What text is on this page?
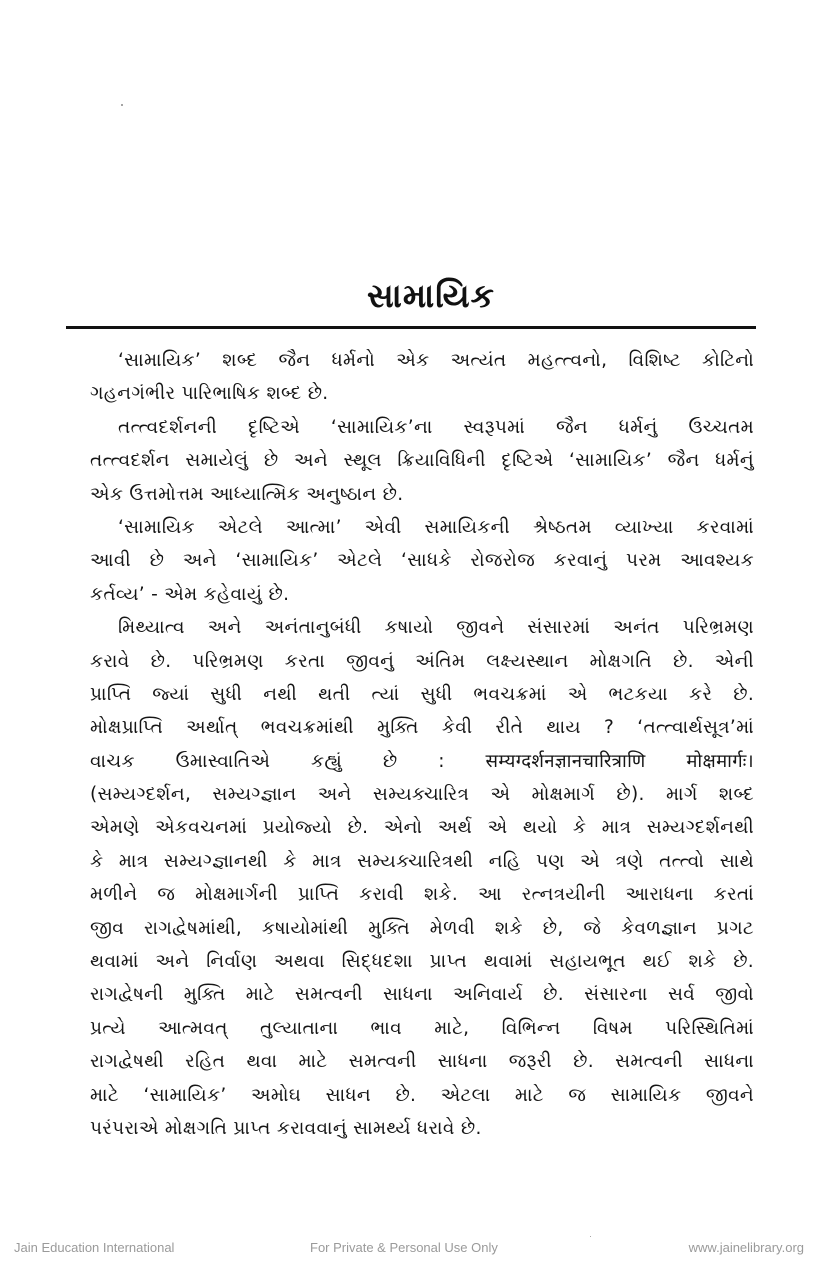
સામાયિક
‘સામાયિક’ શબ્દ જૈન ધર્મનો એક અત્યંત મહત્ત્વનો, વિશિષ્ટ કોટિનો
ગહનગંભીર પારિભાષિક શબ્દ છે.
તત્ત્વદર્શનની દૃષ્ટિએ ‘સામાયિક’ના સ્વરૂપમાં જૈન ધર્મનું ઉચ્ચતમ
તત્ત્વદર્શન સમાયેલું છે અને સ્થૂલ ક્રિયાવિધિની દૃષ્ટિએ ‘સામાયિક’ જૈન ધર્મનું
એક ઉત્તમોત્તમ આધ્યાત્મિક અનુષ્ઠાન છે.
‘સામાયિક એટલે આત્મા’ એવી સમાયિકની શ્રેષ્ઠતમ વ્યાખ્યા કરવામાં
આવી છે અને ‘સામાયિક’ એટલે ‘સાધકે રોજરોજ કરવાનું પરમ આવશ્યક
કર્તવ્ય’ - એમ કહેવાયું છે.
મિથ્યાત્વ અને અનંતાનુબંધી કષાયો જીવને સંસારમાં અનંત પરિભ્રમણ
કરાવે છે. પરિભ્રમણ કરતા જીવનું અંતિમ લક્ષ્યસ્થાન મોક્ષગતિ છે. એની
પ્રાપ્તિ જ્યાં સુધી નથી થતી ત્યાં સુધી ભવચક્રમાં એ ભટકયા કરે છે.
મોક્ષપ્રાપ્તિ અર્થાત્ ભવચક્રમાંથી મુક્તિ કેવી રીતે થાય ? ‘તત્ત્વાર્થસૂત્ર’માં
વાચક ઉમાસ્વાતિએ કહ્યું છે : सम्यग्दर्शनज्ञानचारित्राणि मोक्षमार्गः।
(સમ્યગ્દર્શન, સમ્યગ્જ્ઞાન અને સમ્યક્ચારિત્ર એ મોક્ષમાર્ગ છે). માર્ગ શબ્દ
એમણે એકવચનમાં પ્રયોજ્યો છે. એનો અર્થ એ થયો કે માત્ર સમ્યગ્દર્શનથી
કે માત્ર સમ્યગ્જ્ઞાનથી કે માત્ર સમ્યક્ચારિત્રથી નહિ પણ એ ત્રણે તત્ત્વો સાથે
મળીને જ મોક્ષમાર્ગની પ્રાપ્તિ કરાવી શકે. આ રત્નત્રયીની આરાધના કરતાં
જીવ રાગદ્વેષમાંથી, કષાયોમાંથી મુક્તિ મેળવી શકે છે, જે કેવળજ્ઞાન પ્રગટ
થવામાં અને નિર્વાણ અથવા સિદ્ધદશા પ્રાપ્ત થવામાં સહાયભૂત થઈ શકે છે.
રાગદ્વેષની મુક્તિ માટે સમત્વની સાધના અનિવાર્ય છે. સંસારના સર્વ જીવો
પ્રત્યે આત્મવત્ તુલ્યાતાના ભાવ માટે, વિભિન્ન વિષમ પરિસ્થિતિમાં
રાગદ્વેષથી રહિત થવા માટે સમત્વની સાધના જરૂરી છે. સમત્વની સાધના
માટે ‘સામાયિક’ અમોઘ સાધન છે. એટલા માટે જ સામાયિક જીવને
પરંપરાએ મોક્ષગતિ પ્રાપ્ત કરાવવાનું સામર્થ્ય ધરાવે છે.
Jain Education International	For Private & Personal Use Only	www.jainelibrary.org
